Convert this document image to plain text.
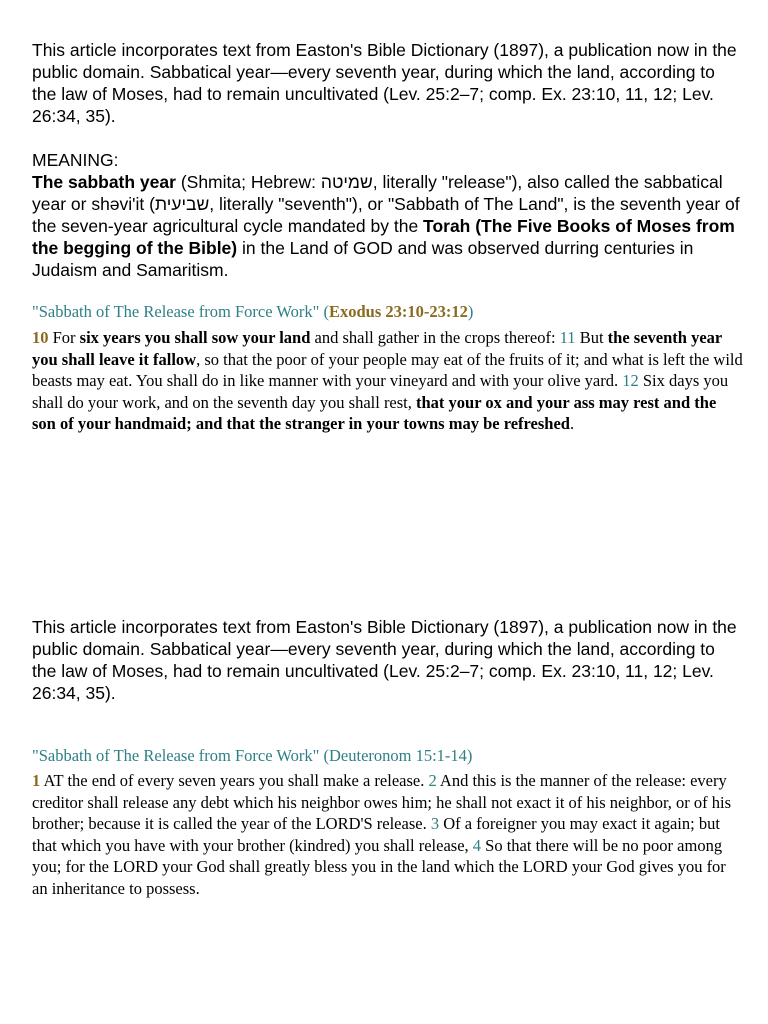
This article incorporates text from Easton's Bible Dictionary (1897), a publication now in the public domain. Sabbatical year—every seventh year, during which the land, according to the law of Moses, had to remain uncultivated (Lev. 25:2–7; comp. Ex. 23:10, 11, 12; Lev. 26:34, 35).

MEANING:

The sabbath year (Shmita; Hebrew: שמיטה, literally "release"), also called the sabbatical year or shəvi'it (שביעית, literally "seventh"), or "Sabbath of The Land", is the seventh year of the seven-year agricultural cycle mandated by the Torah (The Five Books of Moses from the begging of the Bible) in the Land of GOD and was observed durring centuries in Judaism and Samaritism.

"Sabbath of The Release from Force Work" (Exodus 23:10-23:12)

10 For six years you shall sow your land and shall gather in the crops thereof: 11 But the seventh year you shall leave it fallow, so that the poor of your people may eat of the fruits of it; and what is left the wild beasts may eat. You shall do in like manner with your vineyard and with your olive yard. 12 Six days you shall do your work, and on the seventh day you shall rest, that your ox and your ass may rest and the son of your handmaid; and that the stranger in your towns may be refreshed.

This article incorporates text from Easton's Bible Dictionary (1897), a publication now in the public domain. Sabbatical year—every seventh year, during which the land, according to the law of Moses, had to remain uncultivated (Lev. 25:2–7; comp. Ex. 23:10, 11, 12; Lev. 26:34, 35).

"Sabbath of The Release from Force Work" (Deuteronom 15:1-14)

1 AT the end of every seven years you shall make a release. 2 And this is the manner of the release: every creditor shall release any debt which his neighbor owes him; he shall not exact it of his neighbor, or of his brother; because it is called the year of the LORD'S release. 3 Of a foreigner you may exact it again; but that which you have with your brother (kindred) you shall release, 4 So that there will be no poor among you; for the LORD your God shall greatly bless you in the land which the LORD your God gives you for an inheritance to possess.
